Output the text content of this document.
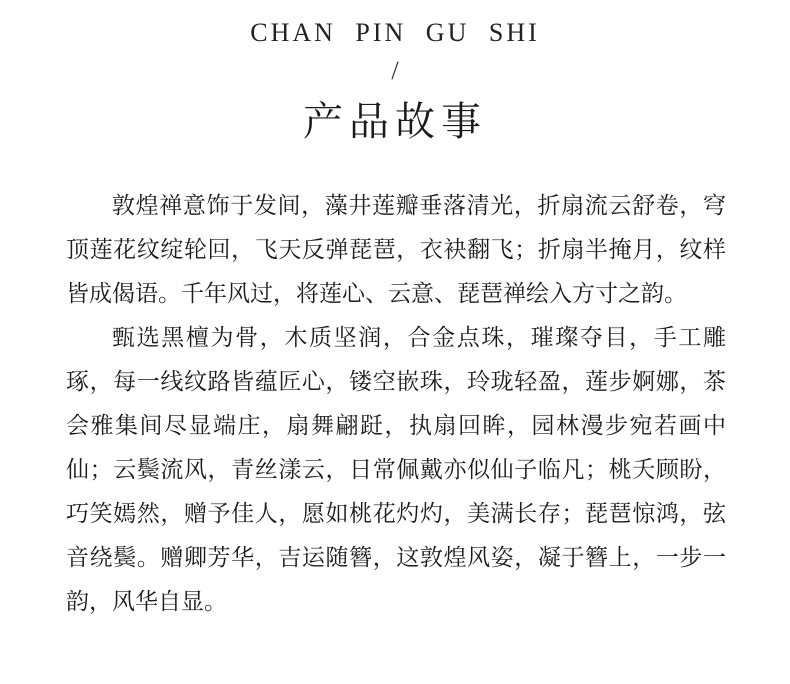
CHAN PIN GU SHI
/
产品故事

敦煌禅意饰于发间，藻井莲瓣垂落清光，折扇流云舒卷，穹顶莲花纹绽轮回，飞天反弹琵琶，衣袂翻飞；折扇半掩月，纹样皆成偈语。千年风过，将莲心、云意、琵琶禅绘入方寸之韵。

甄选黑檀为骨，木质坚润，合金点珠，璀璨夺目，手工雕琢，每一线纹路皆蕴匠心，镂空嵌珠，玲珑轻盈，莲步婀娜，茶会雅集间尽显端庄，扇舞翩跹，执扇回眸，园林漫步宛若画中仙；云鬓流风，青丝漾云，日常佩戴亦似仙子临凡；桃夭顾盼，巧笑嫣然，赠予佳人，愿如桃花灼灼，美满长存；琵琶惊鸿，弦音绕鬓。赠卿芳华，吉运随簪，这敦煌风姿，凝于簪上，一步一韵，风华自显。
